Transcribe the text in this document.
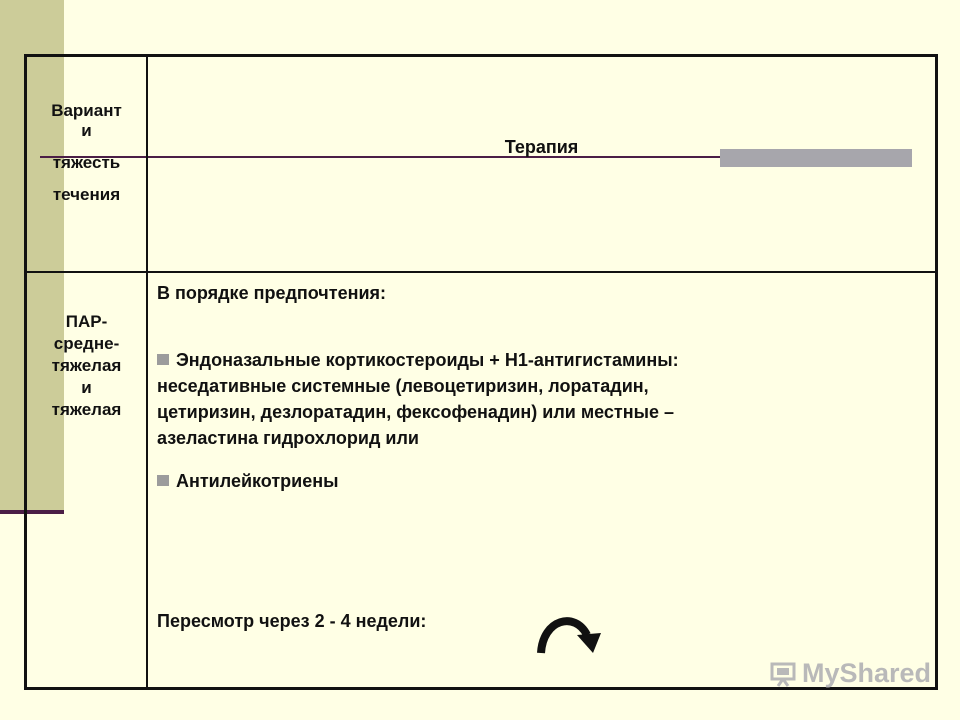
Вариант
и
тяжесть
течения
Терапия
ПАР-
средне-
тяжелая
и
тяжелая
В порядке предпочтения:
Эндоназальные кортикостероиды + Н1-антигистамины:
неседативные системные (левоцетиризин, лоратадин,
цетиризин, дезлоратадин, фексофенадин) или местные –
азеластина гидрохлорид или
Антилейкотриены
Пересмотр через 2 - 4 недели:
MyShared
